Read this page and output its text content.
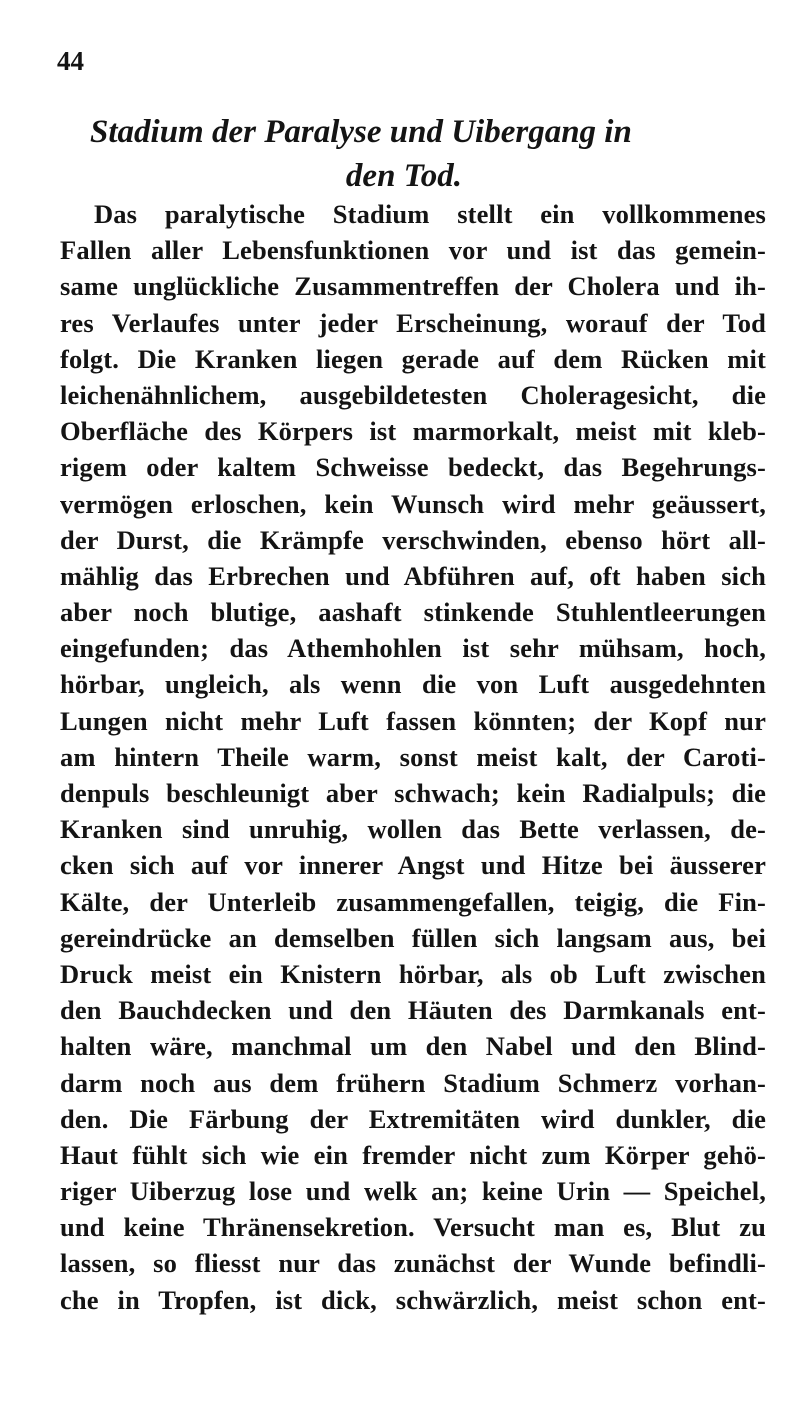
44
Stadium der Paralyse und Uibergang in
den Tod.
Das paralytische Stadium stellt ein vollkommenes
Fallen aller Lebensfunktionen vor und ist das gemein-
same unglückliche Zusammentreffen der Cholera und ih-
res Verlaufes unter jeder Erscheinung, worauf der Tod
folgt. Die Kranken liegen gerade auf dem Rücken mit
leichenähnlichem, ausgebildetesten Choleragesicht, die
Oberfläche des Körpers ist marmorkalt, meist mit kleb-
rigem oder kaltem Schweisse bedeckt, das Begehrungs-
vermögen erloschen, kein Wunsch wird mehr geäussert,
der Durst, die Krämpfe verschwinden, ebenso hört all-
mählig das Erbrechen und Abführen auf, oft haben sich
aber noch blutige, aashaft stinkende Stuhlentleerungen
eingefunden; das Athemhohlen ist sehr mühsam, hoch,
hörbar, ungleich, als wenn die von Luft ausgedehnten
Lungen nicht mehr Luft fassen könnten; der Kopf nur
am hintern Theile warm, sonst meist kalt, der Caroti-
denpuls beschleunigt aber schwach; kein Radialpuls; die
Kranken sind unruhig, wollen das Bette verlassen, de-
cken sich auf vor innerer Angst und Hitze bei äusserer
Kälte, der Unterleib zusammengefallen, teigig, die Fin-
gereindrücke an demselben füllen sich langsam aus, bei
Druck meist ein Knistern hörbar, als ob Luft zwischen
den Bauchdecken und den Häuten des Darmkanals ent-
halten wäre, manchmal um den Nabel und den Blind-
darm noch aus dem frühern Stadium Schmerz vorhan-
den. Die Färbung der Extremitäten wird dunkler, die
Haut fühlt sich wie ein fremder nicht zum Körper gehö-
riger Uiberzug lose und welk an; keine Urin — Speichel,
und keine Thränensekretion. Versucht man es, Blut zu
lassen, so fliesst nur das zunächst der Wunde befindli-
che in Tropfen, ist dick, schwärzlich, meist schon ent-
